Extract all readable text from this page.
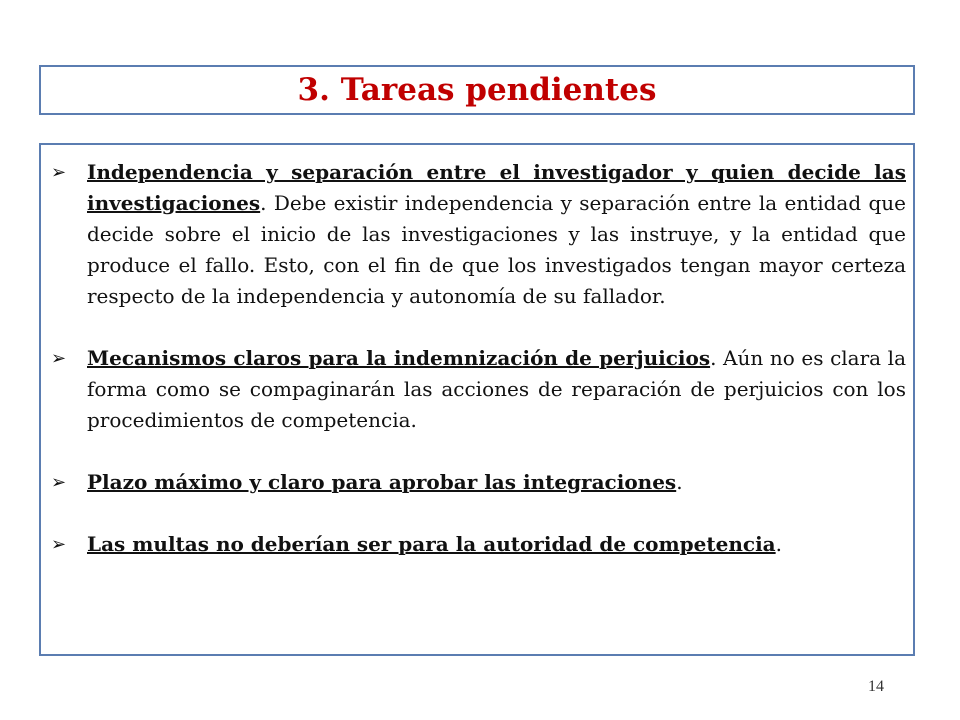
3. Tareas pendientes
➢	Independencia y separación entre el investigador y quien decide las investigaciones. Debe existir independencia y separación entre la entidad que decide sobre el inicio de las investigaciones y las instruye, y la entidad que produce el fallo. Esto, con el fin de que los investigados tengan mayor certeza respecto de la independencia y autonomía de su fallador.

➢	Mecanismos claros para la indemnización de perjuicios. Aún no es clara la forma como se compaginarán las acciones de reparación de perjuicios con los procedimientos de competencia.

➢	Plazo máximo y claro para aprobar las integraciones.

➢	Las multas no deberían ser para la autoridad de competencia.

14
